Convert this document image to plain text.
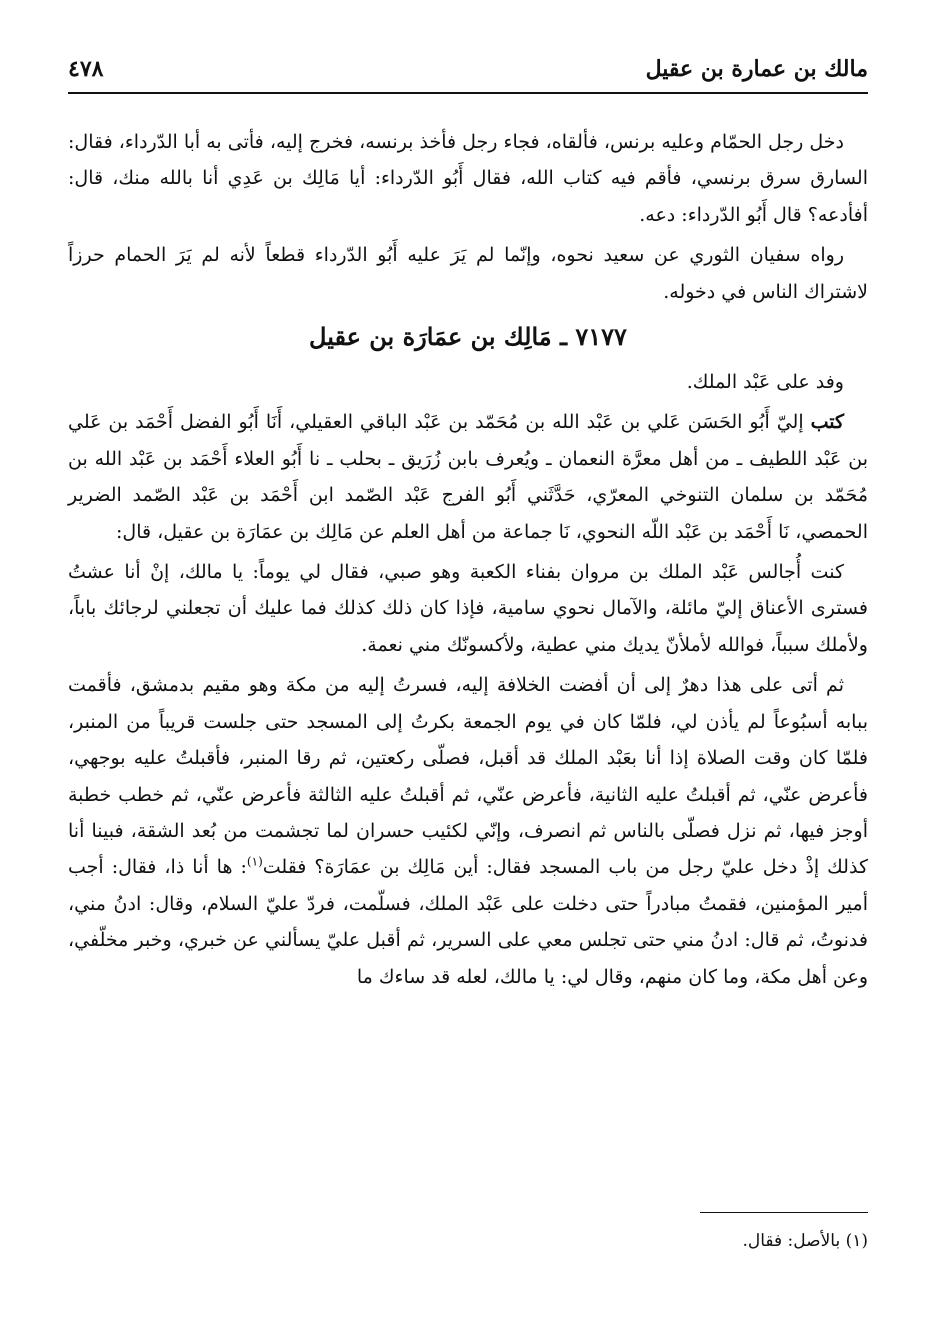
مالك بن عمارة بن عقيل
٤٧٨

دخل رجل الحمّام وعليه برنس، فألقاه، فجاء رجل فأخذ برنسه، فخرج إليه، فأتى به أبا الدّرداء، فقال: السارق سرق برنسي، فأقم فيه كتاب الله، فقال أَبُو الدّرداء: أيا مَالِك بن عَدِي أنا بالله منك، قال: أفأدعه؟ قال أَبُو الدّرداء: دعه.

رواه سفيان الثوري عن سعيد نحوه، وإنّما لم يَرَ عليه أَبُو الدّرداء قطعاً لأنه لم يَرَ الحمام حرزاً لاشتراك الناس في دخوله.

٧١٧٧ ـ مَالِك بن عمَارَة بن عقيل

وفد على عَبْد الملك.

كتب إليّ أَبُو الحَسَن عَلي بن عَبْد الله بن مُحَمّد بن عَبْد الباقي العقيلي، أَنَا أَبُو الفضل أَحْمَد بن عَلي بن عَبْد اللطيف ـ من أهل معرَّة النعمان ـ ويُعرف بابن زُرَيق ـ بحلب ـ نا أَبُو العلاء أَحْمَد بن عَبْد الله بن مُحَمّد بن سلمان التنوخي المعرّي، حَدَّثَني أَبُو الفرج عَبْد الصّمد ابن أَحْمَد بن عَبْد الصّمد الضرير الحمصي، نَا أَحْمَد بن عَبْد اللّه النحوي، نَا جماعة من أهل العلم عن مَالِك بن عمَارَة بن عقيل، قال:

كنت أُجالس عَبْد الملك بن مروان بفناء الكعبة وهو صبي، فقال لي يوماً: يا مالك، إنْ أنا عشتُ فسترى الأعناق إليّ مائلة، والآمال نحوي سامية، فإذا كان ذلك كذلك فما عليك أن تجعلني لرجائك باباً، ولأملك سبباً، فوالله لأملأنّ يديك مني عطية، ولأكسونّك مني نعمة.

ثم أتى على هذا دهرٌ إلى أن أفضت الخلافة إليه، فسرتُ إليه من مكة وهو مقيم بدمشق، فأقمت ببابه أسبُوعاً لم يأذن لي، فلمّا كان في يوم الجمعة بكرتُ إلى المسجد حتى جلست قريباً من المنبر، فلمّا كان وقت الصلاة إذا أنا بعَبْد الملك قد أقبل، فصلّى ركعتين، ثم رقا المنبر، فأقبلتُ عليه بوجهي، فأعرض عنّي، ثم أقبلتُ عليه الثانية، فأعرض عنّي، ثم أقبلتُ عليه الثالثة فأعرض عنّي، ثم خطب خطبة أوجز فيها، ثم نزل فصلّى بالناس ثم انصرف، وإنّي لكئيب حسران لما تجشمت من بُعد الشقة، فبينا أنا كذلك إذْ دخل عليّ رجل من باب المسجد فقال: أين مَالِك بن عمَارَة؟ فقلت$^{(١)}$: ها أنا ذا، فقال: أجب أمير المؤمنين، فقمتُ مبادراً حتى دخلت على عَبْد الملك، فسلّمت، فردّ عليّ السلام، وقال: ادنُ مني، فدنوتُ، ثم قال: ادنُ مني حتى تجلس معي على السرير، ثم أقبل عليّ يسألني عن خبري، وخبر مخلّفي، وعن أهل مكة، وما كان منهم، وقال لي: يا مالك، لعله قد ساءك ما

(١) بالأصل: فقال.
